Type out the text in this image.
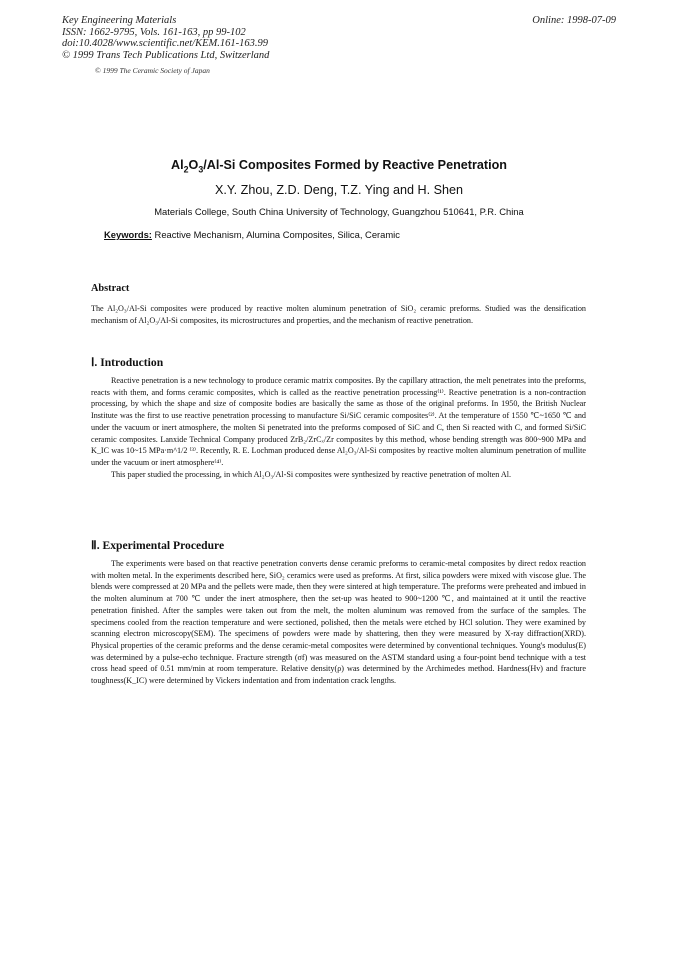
Key Engineering Materials
ISSN: 1662-9795, Vols. 161-163, pp 99-102
doi:10.4028/www.scientific.net/KEM.161-163.99
© 1999 Trans Tech Publications Ltd, Switzerland
Online: 1998-07-09
© 1999 The Ceramic Society of Japan
$Al_2O_3/Al-Si$ Composites Formed by Reactive Penetration
X.Y. Zhou, Z.D. Deng, T.Z. Ying and H. Shen
Materials College, South China University of Technology, Guangzhou 510641, P.R. China
Keywords: Reactive Mechanism, Alumina Composites, Silica, Ceramic
Abstract

The Al₂O₃/Al-Si composites were produced by reactive molten aluminum penetration of SiO₂ ceramic preforms. Studied was the densification mechanism of Al₂O₃/Al-Si composites, its microstructures and properties, and the mechanism of reactive penetration.

Ⅰ. Introduction

Reactive penetration is a new technology to produce ceramic matrix composites. By the capillary attraction, the melt penetrates into the preforms, reacts with them, and forms ceramic composites, which is called as the reactive penetration processing⁽¹⁾. Reactive penetration is a non-contraction processing, by which the shape and size of composite bodies are basically the same as those of the original preforms. In 1950, the British Nuclear Institute was the first to use reactive penetration processing to manufacture Si/SiC ceramic composites⁽²⁾. At the temperature of 1550 ℃~1650 ℃ and under the vacuum or inert atmosphere, the molten Si penetrated into the preforms composed of SiC and C, then Si reacted with C, and formed Si/SiC ceramic composites. Lanxide Technical Company produced ZrB₂/ZrCₓ/Zr composites by this method, whose bending strength was 800~900 MPa and K_IC was 10~15 MPa·m^1/2 ⁽³⁾. Recently, R. E. Lochman produced dense Al₂O₃/Al-Si composites by reactive molten aluminum penetration of mullite under the vacuum or inert atmosphere⁽⁴⁾.

This paper studied the processing, in which Al₂O₃/Al-Si composites were synthesized by reactive penetration of molten Al.

Ⅱ. Experimental Procedure

The experiments were based on that reactive penetration converts dense ceramic preforms to ceramic-metal composites by direct redox reaction with molten metal. In the experiments described here, SiO₂ ceramics were used as preforms. At first, silica powders were mixed with viscose glue. The blends were compressed at 20 MPa and the pellets were made, then they were sintered at high temperature. The preforms were preheated and imbued in the molten aluminum at 700 ℃ under the inert atmosphere, then the set-up was heated to 900~1200 ℃, and maintained at it until the reactive penetration finished. After the samples were taken out from the melt, the molten aluminum was removed from the surface of the samples. The specimens cooled from the reaction temperature and were sectioned, polished, then the metals were etched by HCl solution. They were examined by scanning electron microscopy(SEM). The specimens of powders were made by shattering, then they were measured by X-ray diffraction(XRD). Physical properties of the ceramic preforms and the dense ceramic-metal composites were determined by conventional techniques. Young's modulus(E) was determined by a pulse-echo technique. Fracture strength (σf) was measured on the ASTM standard using a four-point bend technique with a test cross head speed of 0.51 mm/min at room temperature. Relative density(ρ) was determined by the Archimedes method. Hardness(Hv) and fracture toughness(K_IC) were determined by Vickers indentation and from indentation crack lengths.
